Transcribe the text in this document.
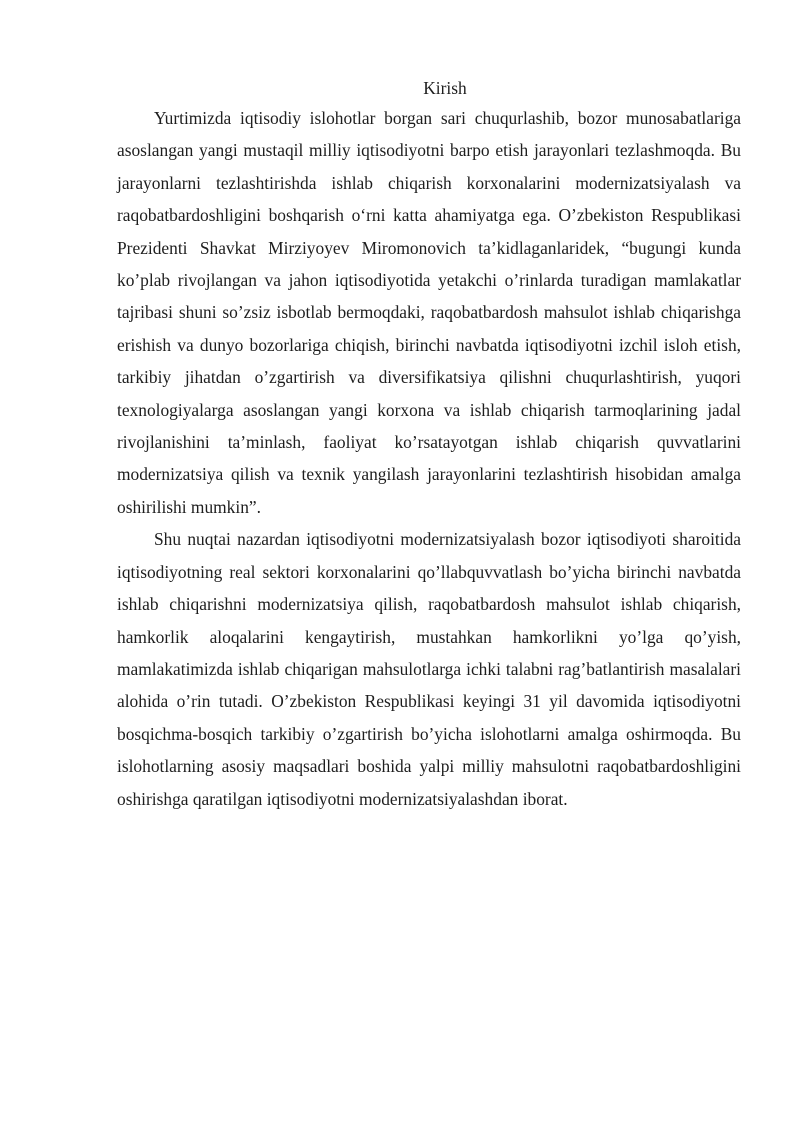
Kirish

Yurtimizda iqtisodiy islohotlar borgan sari chuqurlashib, bozor munosabatlariga asoslangan yangi mustaqil milliy iqtisodiyotni barpo etish jarayonlari tezlashmoqda. Bu jarayonlarni tezlashtirishda ishlab chiqarish korxonalarini modernizatsiyalash va raqobatbardoshligini boshqarish o‘rni katta ahamiyatga ega. O’zbekiston Respublikasi Prezidenti Shavkat Mirziyoyev Miromonovich ta’kidlaganlaridek, “bugungi kunda ko’plab rivojlangan va jahon iqtisodiyotida yetakchi o’rinlarda turadigan mamlakatlar tajribasi shuni so’zsiz isbotlab bermoqdaki, raqobatbardosh mahsulot ishlab chiqarishga erishish va dunyo bozorlariga chiqish, birinchi navbatda iqtisodiyotni izchil isloh etish, tarkibiy jihatdan o’zgartirish va diversifikatsiya qilishni chuqurlashtirish, yuqori texnologiyalarga asoslangan yangi korxona va ishlab chiqarish tarmoqlarining jadal rivojlanishini ta’minlash, faoliyat ko’rsatayotgan ishlab chiqarish quvvatlarini modernizatsiya qilish va texnik yangilash jarayonlarini tezlashtirish hisobidan amalga oshirilishi mumkin”.

Shu nuqtai nazardan iqtisodiyotni modernizatsiyalash bozor iqtisodiyoti sharoitida iqtisodiyotning real sektori korxonalarini qo’llabquvvatlash bo’yicha birinchi navbatda ishlab chiqarishni modernizatsiya qilish, raqobatbardosh mahsulot ishlab chiqarish, hamkorlik aloqalarini kengaytirish, mustahkan hamkorlikni yo’lga qo’yish, mamlakatimizda ishlab chiqarigan mahsulotlarga ichki talabni rag’batlantirish masalalari alohida o’rin tutadi. O’zbekiston Respublikasi keyingi 31 yil davomida iqtisodiyotni bosqichma-bosqich tarkibiy o’zgartirish bo’yicha islohotlarni amalga oshirmoqda. Bu islohotlarning asosiy maqsadlari boshida yalpi milliy mahsulotni raqobatbardoshligini oshirishga qaratilgan iqtisodiyotni modernizatsiyalashdan iborat.
